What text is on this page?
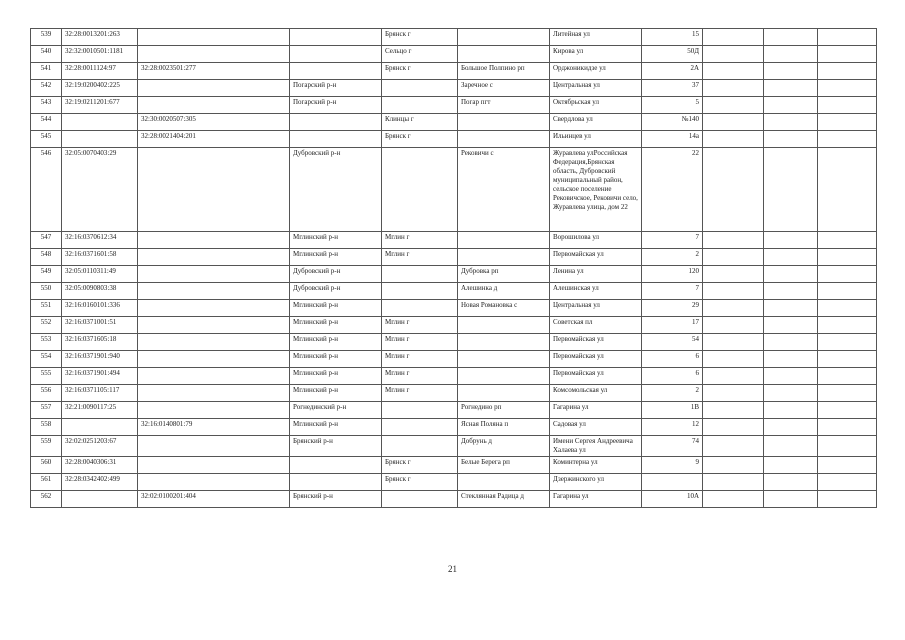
539	32:28:0013201:263			Брянск г		Литейная ул	15			
540	32:32:0010501:1181			Сельцо г		Кирова ул	50Д			
541	32:28:0011124:97	32:28:0023501:277		Брянск г	Большое Полпино рп	Орджоникидзе ул	2А			
542	32:19:0200402:225		Погарский р-н		Заречное с	Центральная ул	37			
543	32:19:0211201:677		Погарский р-н		Погар пгт	Октябрьская ул	5			
544		32:30:0020507:305		Клинцы г		Свердлова ул	№140			
545		32:28:0021404:201		Брянск г		Ильинцев ул	14а			
546	32:05:0070403:29		Дубровский р-н		Рековичи с	Журавлева улРоссийская Федерация,Брянская область, Дубровский муниципальный район, сельское поселение Рековичское, Рековичи село, Журавлева улица, дом 22	22			
547	32:16:0370612:34		Мглинский р-н	Мглин г		Ворошилова ул	7			
548	32:16:0371601:58		Мглинский р-н	Мглин г		Первомайская ул	2			
549	32:05:0110311:49		Дубровский р-н		Дубровка рп	Ленина ул	120			
550	32:05:0090803:38		Дубровский р-н		Алешинка д	Алешинская ул	7			
551	32:16:0160101:336		Мглинский р-н		Новая Романовка с	Центральная ул	29			
552	32:16:0371001:51		Мглинский р-н	Мглин г		Советская пл	17			
553	32:16:0371605:18		Мглинский р-н	Мглин г		Первомайская ул	54			
554	32:16:0371901:940		Мглинский р-н	Мглин г		Первомайская ул	6			
555	32:16:0371901:494		Мглинский р-н	Мглин г		Первомайская ул	6			
556	32:16:0371105:117		Мглинский р-н	Мглин г		Комсомольская ул	2			
557	32:21:0090117:25		Рогнединский р-н		Рогнедино рп	Гагарина ул	1В			
558		32:16:0140801:79	Мглинский р-н		Ясная Поляна п	Садовая ул	12			
559	32:02:0251203:67		Брянский р-н		Добрунь д	Имени Сергея Андреевича Халаева ул	74			
560	32:28:0040306:31			Брянск г	Белые Берега рп	Коминтерна ул	9			
561	32:28:0342402:499			Брянск г		Дзержинского ул				
562		32:02:0100201:404	Брянский р-н		Стеклянная Радица д	Гагарина ул	10А			
21
